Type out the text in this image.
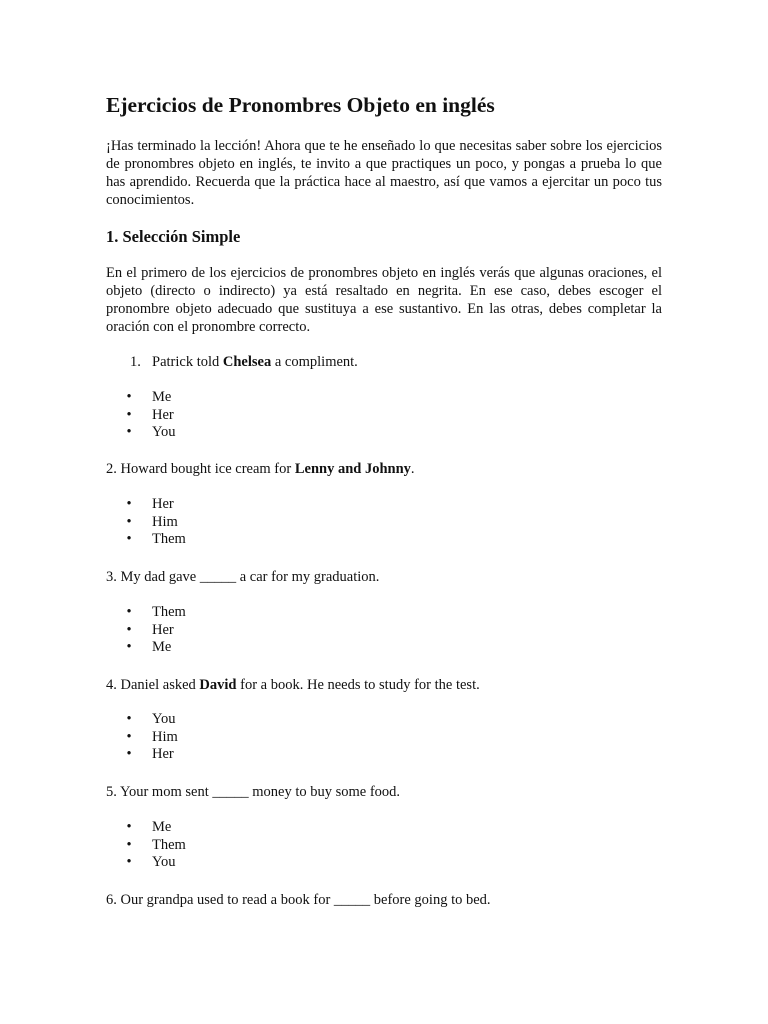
Ejercicios de Pronombres Objeto en inglés

¡Has terminado la lección! Ahora que te he enseñado lo que necesitas saber sobre los ejercicios de pronombres objeto en inglés, te invito a que practiques un poco, y pongas a prueba lo que has aprendido. Recuerda que la práctica hace al maestro, así que vamos a ejercitar un poco tus conocimientos.

1. Selección Simple

En el primero de los ejercicios de pronombres objeto en inglés verás que algunas oraciones, el objeto (directo o indirecto) ya está resaltado en negrita. En ese caso, debes escoger el pronombre objeto adecuado que sustituya a ese sustantivo. En las otras, debes completar la oración con el pronombre correcto.

1. Patrick told Chelsea a compliment.

• Me
• Her
• You

2. Howard bought ice cream for Lenny and Johnny.

• Her
• Him
• Them

3. My dad gave _____ a car for my graduation.

• Them
• Her
• Me

4. Daniel asked David for a book. He needs to study for the test.

• You
• Him
• Her

5. Your mom sent _____ money to buy some food.

• Me
• Them
• You

6. Our grandpa used to read a book for _____ before going to bed.
